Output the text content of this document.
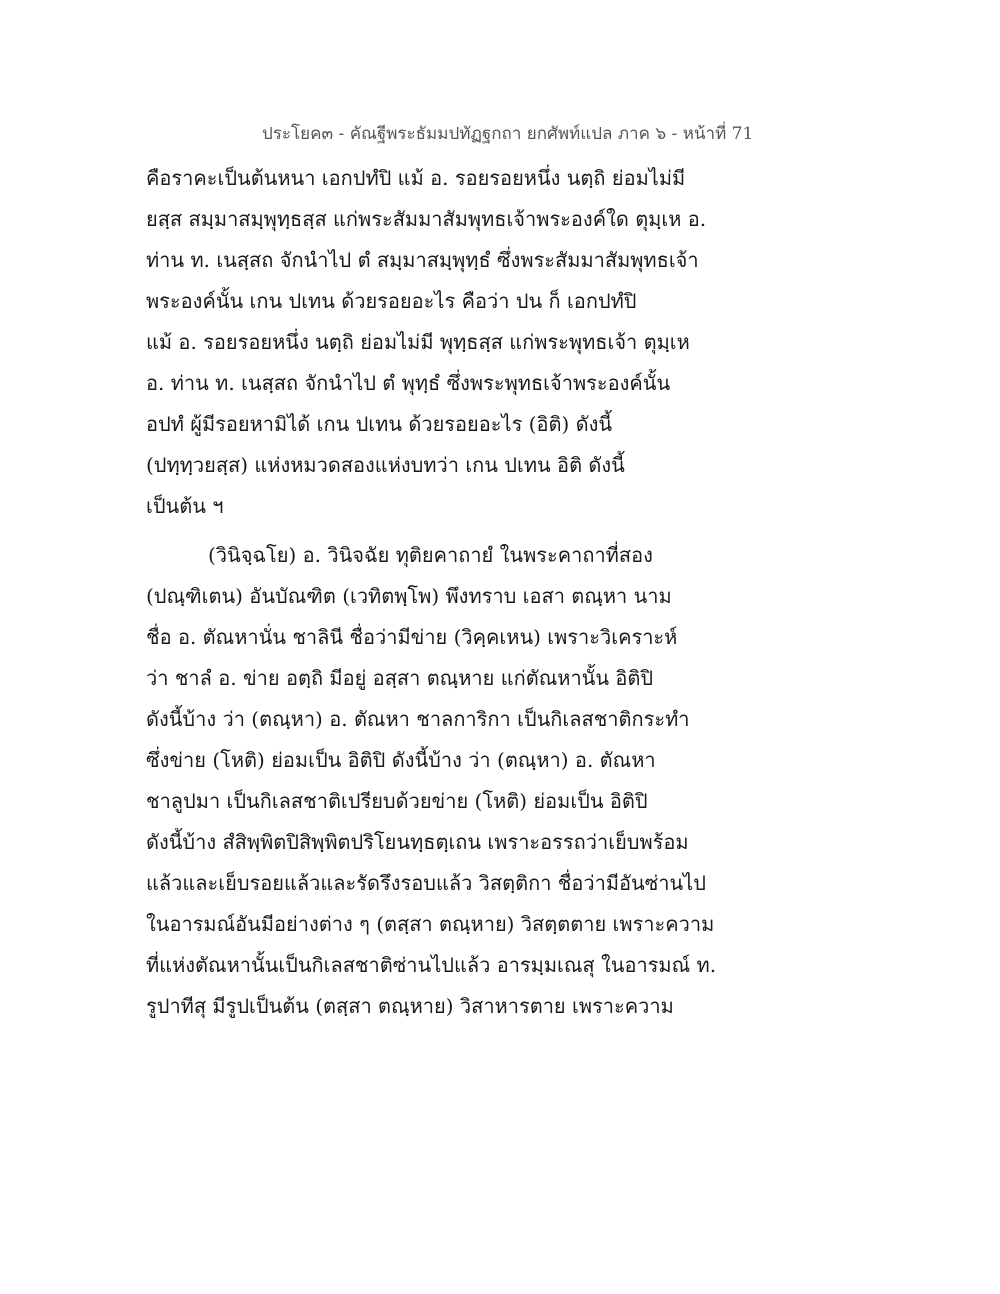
ประโยค๓ - คัณฐีพระธัมมปทัฏฐกถา ยกศัพท์แปล ภาค ๖ - หน้าที่ 71
คือราคะเป็นต้นหนา เอกปทํปิ แม้ อ. รอยรอยหนึ่ง นตฺถิ ย่อมไม่มี
ยสฺส สมฺมาสมฺพุทฺธสฺส แก่พระสัมมาสัมพุทธเจ้าพระองค์ใด ตุมฺเห อ.
ท่าน ท. เนสฺสถ จักนำไป ตํ สมฺมาสมฺพุทฺธํ ซึ่งพระสัมมาสัมพุทธเจ้า
พระองค์นั้น เกน ปเทน ด้วยรอยอะไร คือว่า ปน ก็ เอกปทํปิ
แม้ อ. รอยรอยหนึ่ง นตฺถิ ย่อมไม่มี พุทฺธสฺส แก่พระพุทธเจ้า ตุมฺเห
อ. ท่าน ท. เนสฺสถ จักนำไป ตํ พุทฺธํ ซึ่งพระพุทธเจ้าพระองค์นั้น
อปทํ ผู้มีรอยหามิได้ เกน ปเทน ด้วยรอยอะไร (อิติ) ดังนี้
(ปทฺทฺวยสฺส) แห่งหมวดสองแห่งบทว่า เกน ปเทน อิติ ดังนี้
เป็นต้น ฯ
(วินิจฺฉโย) อ. วินิจฉัย ทุติยคาถายํ ในพระคาถาที่สอง
(ปณฺฑิเตน) อันบัณฑิต (เวทิตพฺโพ) พึงทราบ เอสา ตณฺหา นาม
ชื่อ อ. ตัณหานั่น ชาลินี ชื่อว่ามีข่าย (วิคฺคเหน) เพราะวิเคราะห์
ว่า ชาลํ อ. ข่าย อตฺถิ มีอยู่ อสฺสา ตณฺหาย แก่ตัณหานั้น อิติปิ
ดังนี้บ้าง ว่า (ตณฺหา) อ. ตัณหา ชาลการิกา เป็นกิเลสชาติกระทำ
ซึ่งข่าย (โหติ) ย่อมเป็น อิติปิ ดังนี้บ้าง ว่า (ตณฺหา) อ. ตัณหา
ชาลูปมา เป็นกิเลสชาติเปรียบด้วยข่าย (โหติ) ย่อมเป็น อิติปิ
ดังนี้บ้าง สํสิพฺพิตปิสิพฺพิตปริโยนทฺธตฺเถน เพราะอรรถว่าเย็บพร้อม
แล้วและเย็บรอยแล้วและรัดรึงรอบแล้ว วิสตฺติกา ชื่อว่ามีอันซ่านไป
ในอารมณ์อันมีอย่างต่าง ๆ (ตสฺสา ตณฺหาย) วิสตฺตตาย เพราะความ
ที่แห่งตัณหานั้นเป็นกิเลสชาติซ่านไปแล้ว อารมฺมเณสุ ในอารมณ์ ท.
รูปาทีสุ มีรูปเป็นต้น (ตสฺสา ตณฺหาย) วิสาหารตาย เพราะความ
